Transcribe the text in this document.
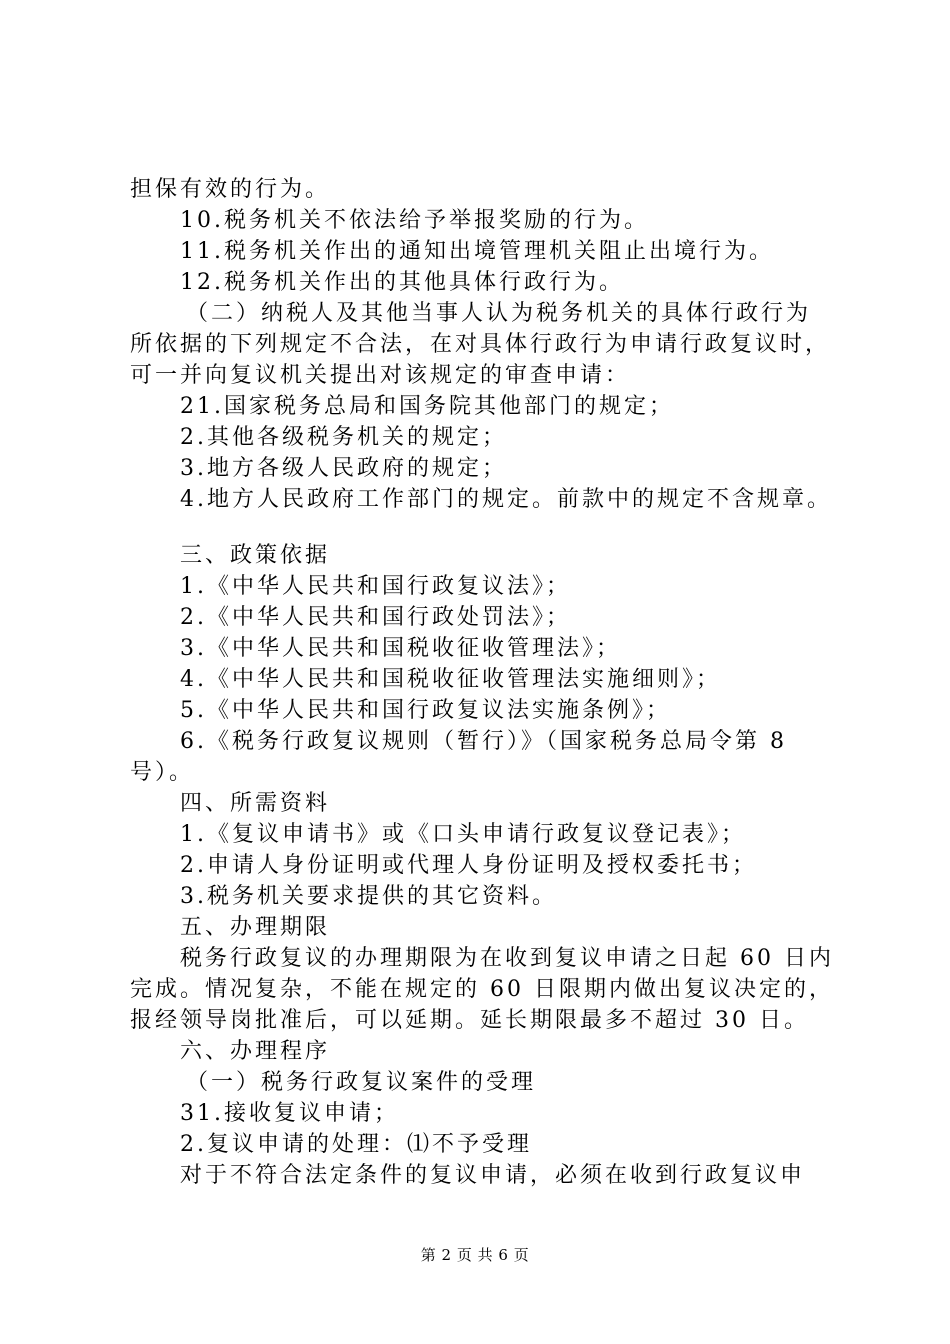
担保有效的行为。
10.税务机关不依法给予举报奖励的行为。
11.税务机关作出的通知出境管理机关阻止出境行为。
12.税务机关作出的其他具体行政行为。
（二）纳税人及其他当事人认为税务机关的具体行政行为
所依据的下列规定不合法，在对具体行政行为申请行政复议时，
可一并向复议机关提出对该规定的审查申请：
21.国家税务总局和国务院其他部门的规定；
2.其他各级税务机关的规定；
3.地方各级人民政府的规定；
4.地方人民政府工作部门的规定。前款中的规定不含规章。
三、政策依据
1.《中华人民共和国行政复议法》；
2.《中华人民共和国行政处罚法》；
3.《中华人民共和国税收征收管理法》；
4.《中华人民共和国税收征收管理法实施细则》；
5.《中华人民共和国行政复议法实施条例》；
6.《税务行政复议规则（暂行）》（国家税务总局令第 8
号）。
四、所需资料
1.《复议申请书》或《口头申请行政复议登记表》；
2.申请人身份证明或代理人身份证明及授权委托书；
3.税务机关要求提供的其它资料。
五、办理期限
税务行政复议的办理期限为在收到复议申请之日起 60 日内
完成。情况复杂，不能在规定的 60 日限期内做出复议决定的，
报经领导岗批准后，可以延期。延长期限最多不超过 30 日。
六、办理程序
（一）税务行政复议案件的受理
31.接收复议申请；
2.复议申请的处理：⑴不予受理
对于不符合法定条件的复议申请，必须在收到行政复议申
第 2 页 共 6 页
